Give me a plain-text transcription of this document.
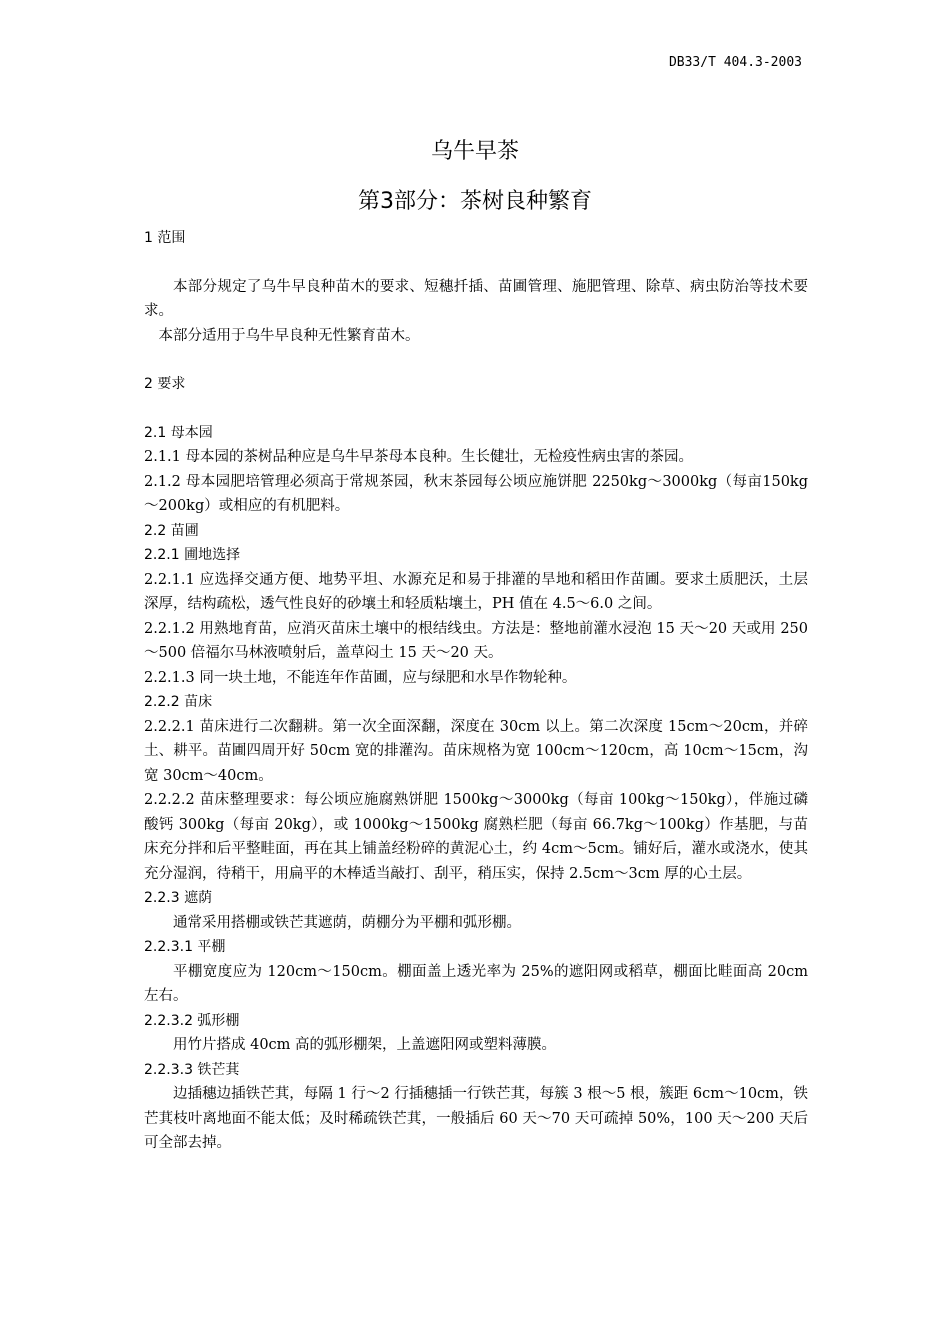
DB33/T 404.3-2003
乌牛早茶
第3部分：茶树良种繁育

1 范围

本部分规定了乌牛早良种苗木的要求、短穗扦插、苗圃管理、施肥管理、除草、病虫防治等技术要求。

本部分适用于乌牛早良种无性繁育苗木。

2 要求

2.1 母本园

2.1.1 母本园的茶树品种应是乌牛早茶母本良种。生长健壮，无检疫性病虫害的茶园。

2.1.2 母本园肥培管理必须高于常规茶园，秋末茶园每公顷应施饼肥 2250kg～3000kg（每亩150kg～200kg）或相应的有机肥料。

2.2 苗圃

2.2.1 圃地选择

2.2.1.1 应选择交通方便、地势平坦、水源充足和易于排灌的旱地和稻田作苗圃。要求土质肥沃，土层深厚，结构疏松，透气性良好的砂壤土和轻质粘壤土，PH 值在 4.5～6.0 之间。

2.2.1.2 用熟地育苗，应消灭苗床土壤中的根结线虫。方法是：整地前灌水浸泡 15 天～20 天或用 250～500 倍福尔马林液喷射后，盖草闷土 15 天～20 天。

2.2.1.3 同一块土地，不能连年作苗圃，应与绿肥和水旱作物轮种。

2.2.2 苗床

2.2.2.1 苗床进行二次翻耕。第一次全面深翻，深度在 30cm 以上。第二次深度 15cm～20cm，并碎土、耕平。苗圃四周开好 50cm 宽的排灌沟。苗床规格为宽 100cm～120cm，高 10cm～15cm，沟宽 30cm～40cm。

2.2.2.2 苗床整理要求：每公顷应施腐熟饼肥 1500kg～3000kg（每亩 100kg～150kg），伴施过磷酸钙 300kg（每亩 20kg），或 1000kg～1500kg 腐熟栏肥（每亩 66.7kg～100kg）作基肥，与苗床充分拌和后平整畦面，再在其上铺盖经粉碎的黄泥心土，约 4cm～5cm。铺好后，灌水或浇水，使其充分湿润，待稍干，用扁平的木棒适当敲打、刮平，稍压实，保持 2.5cm～3cm 厚的心土层。

2.2.3 遮荫

通常采用搭棚或铁芒萁遮荫，荫棚分为平棚和弧形棚。

2.2.3.1 平棚

平棚宽度应为 120cm～150cm。棚面盖上透光率为 25%的遮阳网或稻草，棚面比畦面高 20cm 左右。

2.2.3.2 弧形棚

用竹片搭成 40cm 高的弧形棚架，上盖遮阳网或塑料薄膜。

2.2.3.3 铁芒萁

边插穗边插铁芒萁，每隔 1 行～2 行插穗插一行铁芒萁，每簇 3 根～5 根，簇距 6cm～10cm，铁芒萁枝叶离地面不能太低；及时稀疏铁芒萁，一般插后 60 天～70 天可疏掉 50%，100 天～200 天后可全部去掉。
